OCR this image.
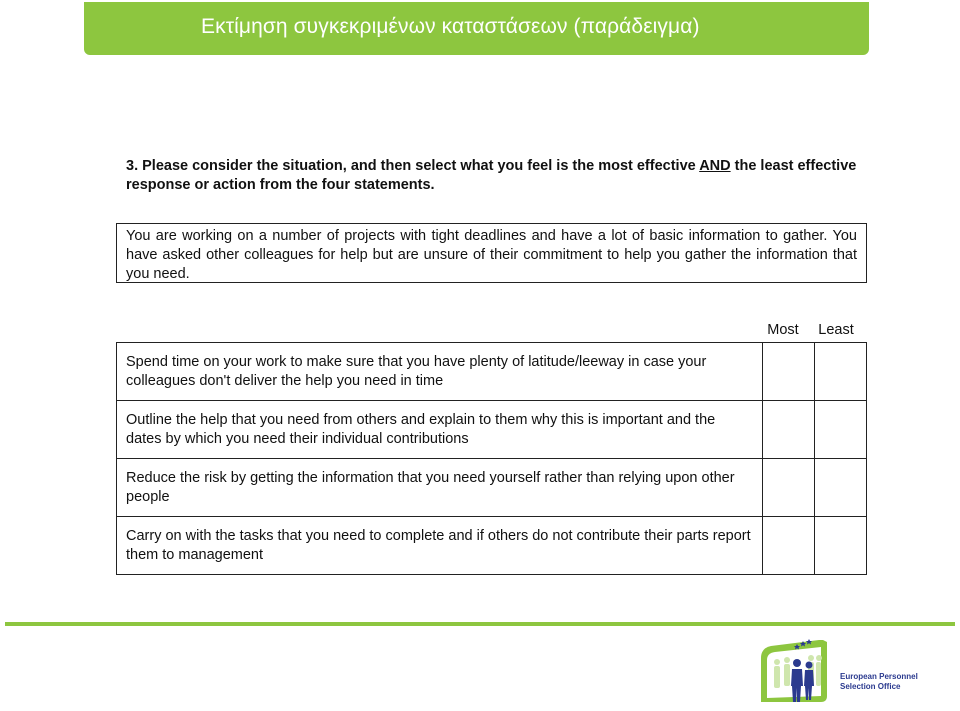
Εκτίμηση συγκεκριμένων καταστάσεων (παράδειγμα)
3. Please consider the situation, and then select what you feel is the most effective AND the least effective response or action from the four statements.
You are working on a number of projects with tight deadlines and have a lot of basic information to gather. You have asked other colleagues for help but are unsure of their commitment to help you gather the information that you need.
Most	Least
Spend time on your work to make sure that you have plenty of latitude/leeway in case your colleagues don't deliver the help you need in time		
Outline the help that you need from others and explain to them why this is important and the dates by which you need their individual contributions		
Reduce the risk by getting the information that you need yourself rather than relying upon other people		
Carry on with the tasks that you need to complete and if others do not contribute their parts report them to management		
European Personnel
Selection Office
